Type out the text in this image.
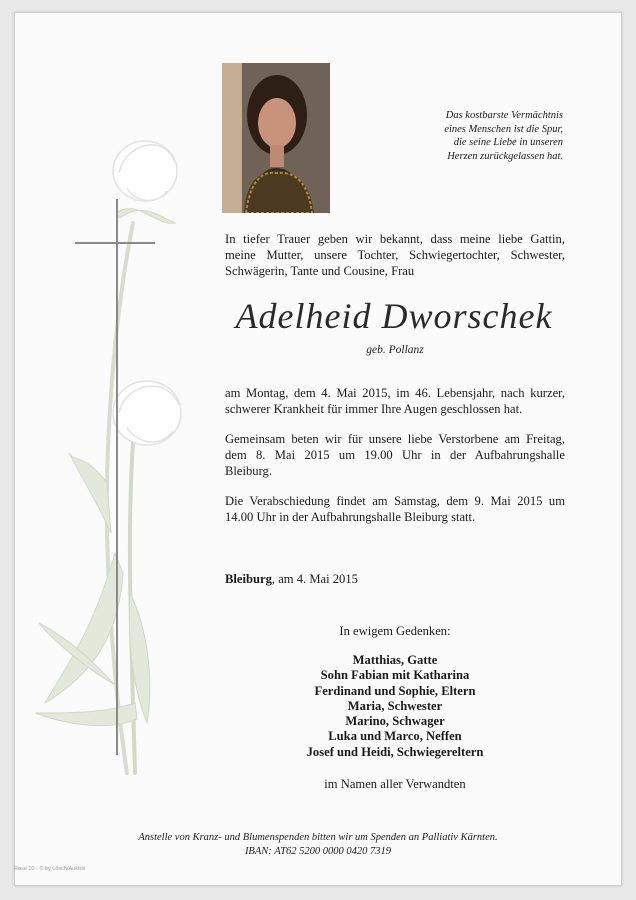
Das kostbarste Vermächtnis
eines Menschen ist die Spur,
die seine Liebe in unseren
Herzen zurückgelassen hat.
In tiefer Trauer geben wir bekannt, dass meine liebe Gattin,
meine Mutter, unsere Tochter, Schwiegertochter, Schwester,
Schwägerin, Tante und Cousine, Frau
Adelheid Dworschek
geb. Pollanz
am Montag, dem 4. Mai 2015, im 46. Lebensjahr, nach kurzer,
schwerer Krankheit für immer Ihre Augen geschlossen hat.
Gemeinsam beten wir für unsere liebe Verstorbene am Freitag,
dem 8. Mai 2015 um 19.00 Uhr in der Aufbahrungshalle
Bleiburg.
Die Verabschiedung findet am Samstag, dem 9. Mai 2015 um
14.00 Uhr in der Aufbahrungshalle Bleiburg statt.
Bleiburg, am 4. Mai 2015
In ewigem Gedenken:
Matthias, Gatte
Sohn Fabian mit Katharina
Ferdinand und Sophie, Eltern
Maria, Schwester
Marino, Schwager
Luka und Marco, Neffen
Josef und Heidi, Schwiegereltern
im Namen aller Verwandten
Anstelle von Kranz- und Blumenspenden bitten wir um Spenden an Palliativ Kärnten.
IBAN: AT62 5200 0000 0420 7319
Rose 10 - © by Lösch/Auktris
